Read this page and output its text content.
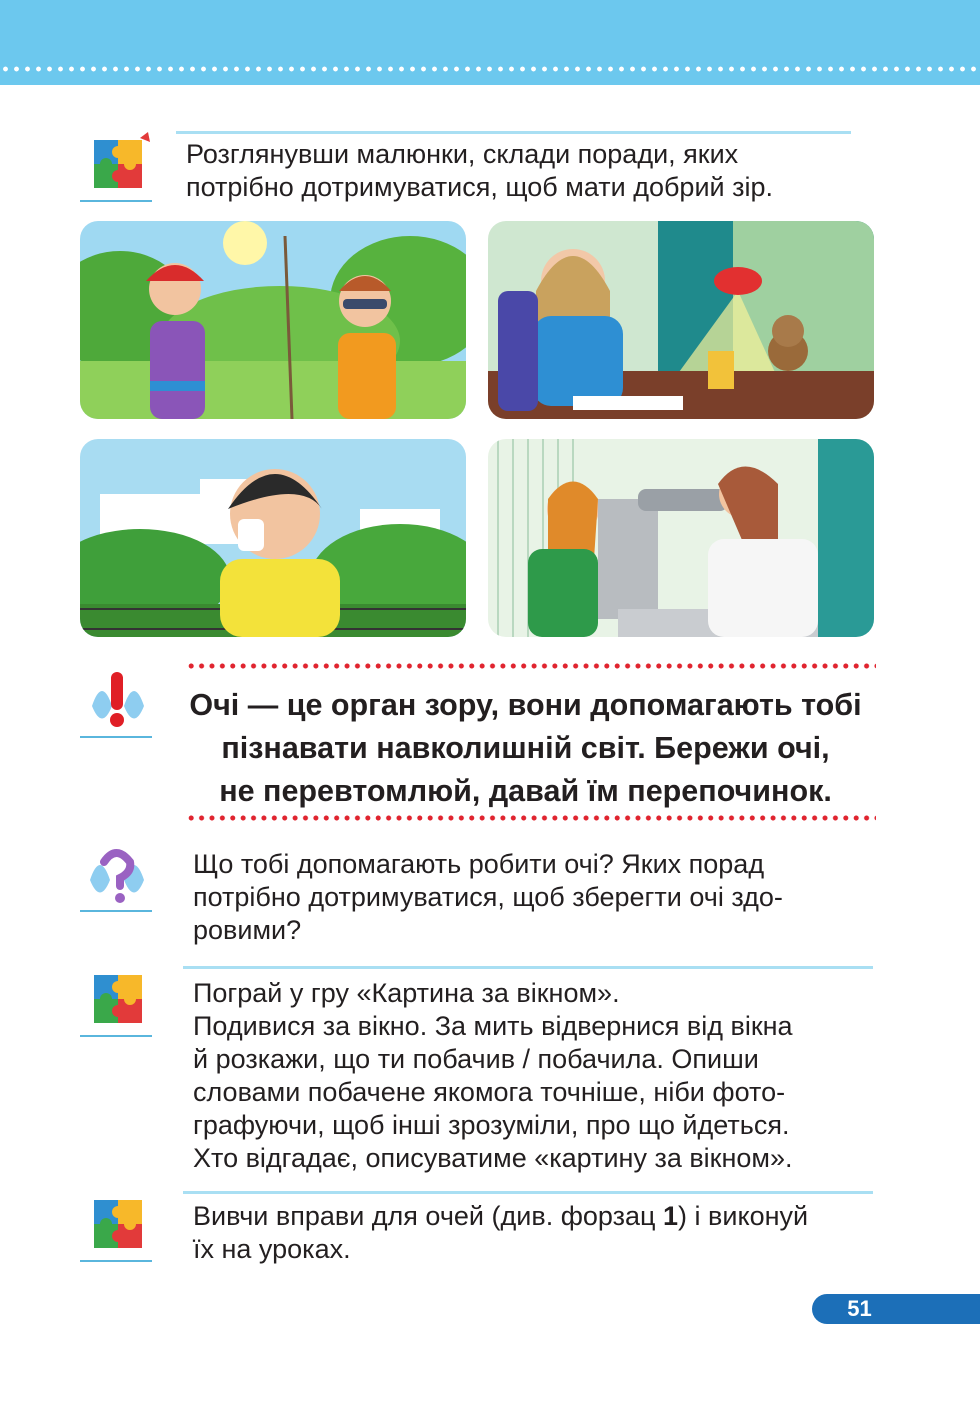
Розглянувши малюнки, склади поради, яких
потрібно дотримуватися, щоб мати добрий зір.
Очі — це орган зору, вони допомагають тобі
пізнавати навколишній світ. Бережи очі,
не перевтомлюй, давай їм перепочинок.
Що тобі допомагають робити очі? Яких порад
потрібно дотримуватися, щоб зберегти очі здо-
ровими?
Пограй у гру «Картина за вікном».
Подивися за вікно. За мить відвернися від вікна
й розкажи, що ти побачив / побачила. Опиши
словами побачене якомога точніше, ніби фото-
графуючи, щоб інші зрозуміли, про що йдеться.
Хто відгадає, описуватиме «картину за вікном».
Вивчи вправи для очей (див. форзац 1) і виконуй
їх на уроках.
51
